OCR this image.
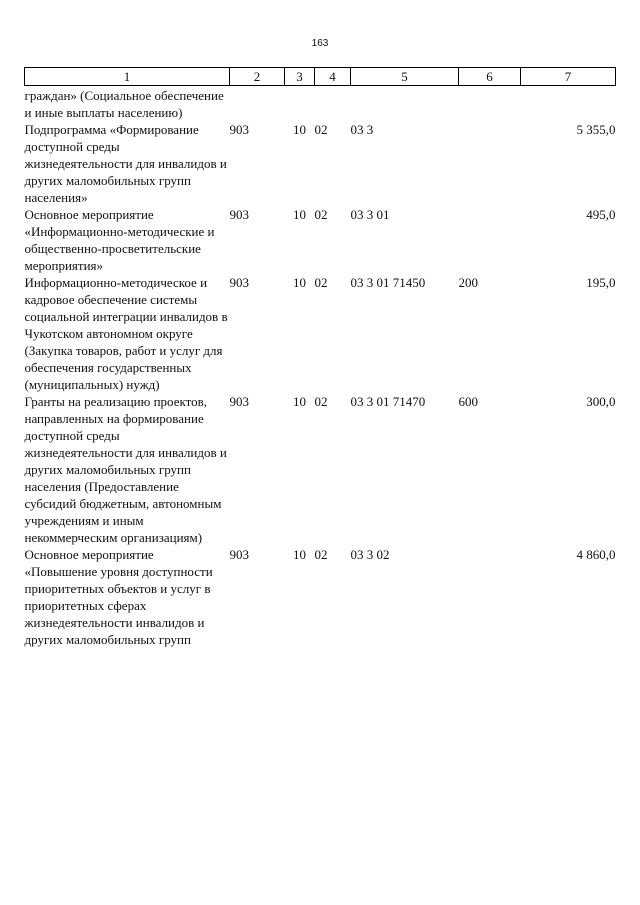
163
1	2	3	4	5	6	7
граждан» (Социальное обеспечение и иные выплаты населению)						
Подпрограмма «Формирование доступной среды жизнедеятельности для инвалидов и других маломобильных групп населения»	903	10	02	03 3		5 355,0
Основное мероприятие «Информационно-методические и общественно-просветительские мероприятия»	903	10	02	03 3 01		495,0
Информационно-методическое и кадровое обеспечение системы социальной интеграции инвалидов в Чукотском автономном округе (Закупка товаров, работ и услуг для обеспечения государственных (муниципальных) нужд)	903	10	02	03 3 01 71450	200	195,0
Гранты на реализацию проектов, направленных на формирование доступной среды жизнедеятельности для инвалидов и других маломобильных групп населения (Предоставление субсидий бюджетным, автономным учреждениям и иным некоммерческим организациям)	903	10	02	03 3 01 71470	600	300,0
Основное мероприятие «Повышение уровня доступности приоритетных объектов и услуг в приоритетных сферах жизнедеятельности инвалидов и других маломобильных групп	903	10	02	03 3 02		4 860,0
